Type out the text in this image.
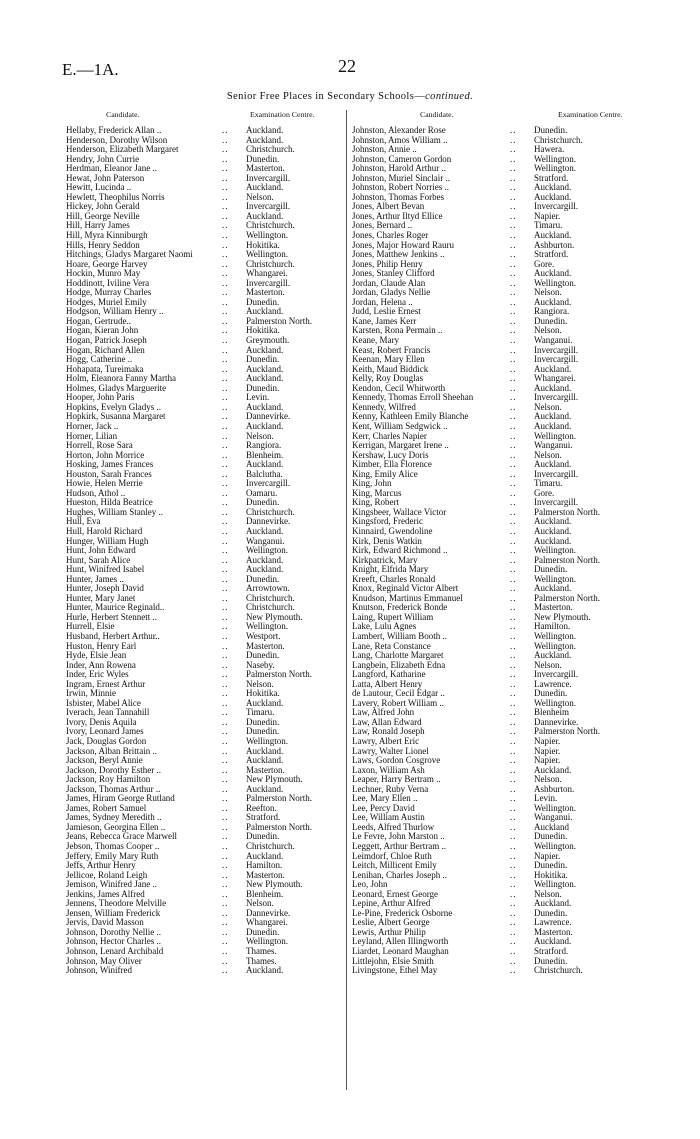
E.—1A.	22
Senior Free Places in Secondary Schools—continued.
Candidate.	Examination Centre.
Hellaby, Frederick Allan ..	.. Auckland.
Henderson, Dorothy Wilson	.. Auckland.
Henderson, Elizabeth Margaret	.. Christchurch.
Hendry, John Currie	.. Dunedin.
Herdman, Eleanor Jane ..	.. Masterton.
Hewat, John Paterson	.. Invercargill.
Hewitt, Lucinda ..	.. Auckland.
Hewlett, Theophilus Norris	.. Nelson.
Hickey, John Gerald	.. Invercargill.
Hill, George Neville	.. Auckland.
Hill, Harry James	.. Christchurch.
Hill, Myra Kinniburgh	.. Wellington.
Hills, Henry Seddon	.. Hokitika.
Hitchings, Gladys Margaret Naomi	.. Wellington.
Hoare, George Harvey	.. Christchurch.
Hockin, Munro May	.. Whangarei.
Hoddinott, Iviline Vera	.. Invercargill.
Hodge, Murray Charles	.. Masterton.
Hodges, Muriel Emily	.. Dunedin.
Hodgson, William Henry ..	.. Auckland.
Hogan, Gertrude..	.. Palmerston North.
Hogan, Kieran John	.. Hokitika.
Hogan, Patrick Joseph	.. Greymouth.
Hogan, Richard Allen	.. Auckland.
Hogg, Catherine ..	.. Dunedin.
Hohapata, Tureimaka	.. Auckland.
Holm, Eleanora Fanny Martha	.. Auckland.
Holmes, Gladys Marguerite	.. Dunedin.
Hooper, John Paris	.. Levin.
Hopkins, Evelyn Gladys ..	.. Auckland.
Hopkirk, Susanna Margaret	.. Dannevirke.
Horner, Jack ..	.. Auckland.
Horner, Lilian	.. Nelson.
Horrell, Rose Sara	.. Rangiora.
Horton, John Morrice	.. Blenheim.
Hosking, James Frances	.. Auckland.
Houston, Sarah Frances	.. Balclutha.
Howie, Helen Merrie	.. Invercargill.
Hudson, Athol ..	.. Oamaru.
Hueston, Hilda Beatrice	.. Dunedin.
Hughes, William Stanley ..	.. Christchurch.
Hull, Eva	.. Dannevirke.
Hull, Harold Richard	.. Auckland.
Hunger, William Hugh	.. Wanganui.
Hunt, John Edward	.. Wellington.
Hunt, Sarah Alice	.. Auckland.
Hunt, Winifred Isabel	.. Auckland.
Hunter, James ..	.. Dunedin.
Hunter, Joseph David	.. Arrowtown.
Hunter, Mary Janet	.. Christchurch.
Hunter, Maurice Reginald..	.. Christchurch.
Hurle, Herbert Stennett ..	.. New Plymouth.
Hurrell, Elsie	.. Wellington.
Husband, Herbert Arthur..	.. Westport.
Huston, Henry Earl	.. Masterton.
Hyde, Elsie Jean	.. Dunedin.
Inder, Ann Rowena	.. Naseby.
Inder, Eric Wyles	.. Palmerston North.
Ingram, Ernest Arthur	.. Nelson.
Irwin, Minnie	.. Hokitika.
Isbister, Mabel Alice	.. Auckland.
Iverach, Jean Tannahill	.. Timaru.
Ivory, Denis Aquila	.. Dunedin.
Ivory, Leonard James	.. Dunedin.
Jack, Douglas Gordon	.. Wellington.
Jackson, Alban Brittain ..	.. Auckland.
Jackson, Beryl Annie	.. Auckland.
Jackson, Dorothy Esther ..	.. Masterton.
Jackson, Roy Hamilton	.. New Plymouth.
Jackson, Thomas Arthur ..	.. Auckland.
James, Hiram George Rutland	.. Palmerston North.
James, Robert Samuel	.. Reefton.
James, Sydney Meredith ..	.. Stratford.
Jamieson, Georgina Ellen ..	.. Palmerston North.
Jeans, Rebecca Grace Marwell	.. Dunedin.
Jebson, Thomas Cooper ..	.. Christchurch.
Jeffery, Emily Mary Ruth	.. Auckland.
Jeffs, Arthur Henry	.. Hamilton.
Jellicoe, Roland Leigh	.. Masterton.
Jemison, Winifred Jane ..	.. New Plymouth.
Jenkins, James Alfred	.. Blenheim.
Jennens, Theodore Melville	.. Nelson.
Jensen, William Frederick	.. Dannevirke.
Jervis, David Masson	.. Whangarei.
Johnson, Dorothy Nellie ..	.. Dunedin.
Johnson, Hector Charles ..	.. Wellington.
Johnson, Lenard Archibald	.. Thames.
Johnson, May Oliver	.. Thames.
Johnson, Winifred	.. Auckland.
Candidate.	Examination Centre.
Johnston, Alexander Rose	.. Dunedin.
Johnston, Amos William ..	.. Christchurch.
Johnston, Annie ..	.. Hawera.
Johnston, Cameron Gordon	.. Wellington.
Johnston, Harold Arthur ..	.. Wellington.
Johnston, Muriel Sinclair ..	.. Stratford.
Johnston, Robert Norries ..	.. Auckland.
Johnston, Thomas Forbes	.. Auckland.
Jones, Albert Bevan	.. Invercargill.
Jones, Arthur Iltyd Ellice	.. Napier.
Jones, Bernard ..	.. Timaru.
Jones, Charles Roger	.. Auckland.
Jones, Major Howard Rauru	.. Ashburton.
Jones, Matthew Jenkins ..	.. Stratford.
Jones, Philip Henry	.. Gore.
Jones, Stanley Clifford	.. Auckland.
Jordan, Claude Alan	.. Wellington.
Jordan, Gladys Nellie	.. Nelson.
Jordan, Helena ..	.. Auckland.
Judd, Leslie Ernest	.. Rangiora.
Kane, James Kerr	.. Dunedin.
Karsten, Rona Permain ..	.. Nelson.
Keane, Mary	.. Wanganui.
Keast, Robert Francis	.. Invercargill.
Keenan, Mary Ellen	.. Invercargill.
Keith, Maud Biddick	.. Auckland.
Kelly, Roy Douglas	.. Whangarei.
Kendon, Cecil Whitworth	.. Auckland.
Kennedy, Thomas Erroll Sheehan	.. Invercargill.
Kennedy, Wilfred	.. Nelson.
Kenny, Kathleen Emily Blanche	.. Auckland.
Kent, William Sedgwick ..	.. Auckland.
Kerr, Charles Napier	.. Wellington.
Kerrigan, Margaret Irene ..	.. Wanganui.
Kershaw, Lucy Doris	.. Nelson.
Kimber, Ella Florence	.. Auckland.
King, Emily Alice	.. Invercargill.
King, John	.. Timaru.
King, Marcus	.. Gore.
King, Robert	.. Invercargill.
Kingsbeer, Wallace Victor	.. Palmerston North.
Kingsford, Frederic	.. Auckland.
Kinnaird, Gwendoline	.. Auckland.
Kirk, Denis Watkin	.. Auckland.
Kirk, Edward Richmond ..	.. Wellington.
Kirkpatrick, Mary	.. Palmerston North.
Knight, Elfrida Mary	.. Dunedin.
Kreeft, Charles Ronald	.. Wellington.
Knox, Reginald Victor Albert	.. Auckland.
Knudson, Martinus Emmanuel	.. Palmerston North.
Knutson, Frederick Bonde	.. Masterton.
Laing, Rupert William	.. New Plymouth.
Lake, Lulu Agnes	.. Hamilton.
Lambert, William Booth ..	.. Wellington.
Lane, Reta Constance	.. Wellington.
Lang, Charlotte Margaret	.. Auckland.
Langbein, Elizabeth Edna	.. Nelson.
Langford, Katharine	.. Invercargill.
Latta, Albert Henry	.. Lawrence.
de Lautour, Cecil Edgar ..	.. Dunedin.
Lavery, Robert William ..	.. Wellington.
Law, Alfred John	.. Blenheim
Law, Allan Edward	.. Dannevirke.
Law, Ronald Joseph	.. Palmerston North.
Lawry, Albert Eric	.. Napier.
Lawry, Walter Lionel	.. Napier.
Laws, Gordon Cosgrove	.. Napier.
Laxon, William Ash	.. Auckland.
Leaper, Harry Bertram ..	.. Nelson.
Lechner, Ruby Verna	.. Ashburton.
Lee, Mary Ellen ..	.. Levin.
Lee, Percy David	.. Wellington.
Lee, William Austin	.. Wanganui.
Leeds, Alfred Thurlow	.. Auckland
Le Fevre, John Marston ..	.. Dunedin.
Leggett, Arthur Bertram ..	.. Wellington.
Leimdorf, Chloe Ruth	.. Napier.
Leitch, Millicent Emily	.. Dunedin.
Lenihan, Charles Joseph ..	.. Hokitika.
Leo, John	.. Wellington.
Leonard, Ernest George	.. Nelson.
Lepine, Arthur Alfred	.. Auckland.
Le-Pine, Frederick Osborne	.. Dunedin.
Leslie, Albert George	.. Lawrence.
Lewis, Arthur Philip	.. Masterton.
Leyland, Allen Illingworth	.. Auckland.
Liardet, Leonard Maughan	.. Stratford.
Littlejohn, Elsie Smith	.. Dunedin.
Livingstone, Ethel May	.. Christchurch.
